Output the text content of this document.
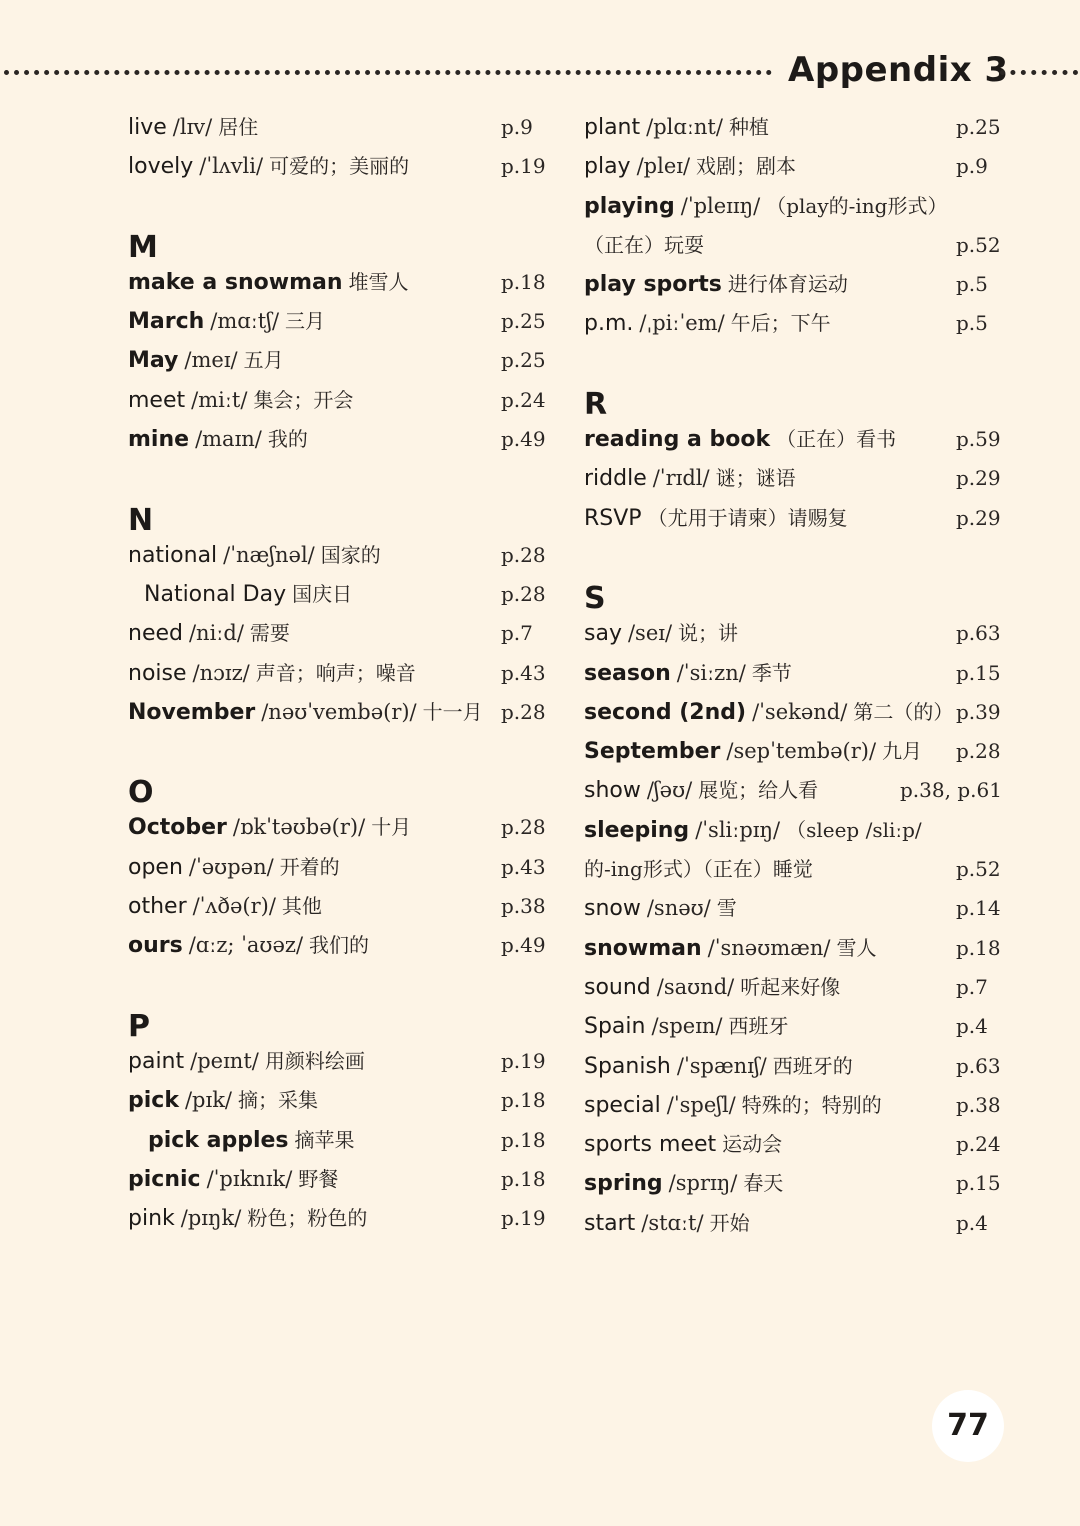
Appendix 3
live /lɪv/ 居住	p.9
lovely /ˈlʌvli/ 可爱的；美丽的	p.19
M
make a snowman 堆雪人	p.18
March /mɑːtʃ/ 三月	p.25
May /meɪ/ 五月	p.25
meet /miːt/ 集会；开会	p.24
mine /maɪn/ 我的	p.49
N
national /ˈnæʃnəl/ 国家的	p.28
National Day 国庆日	p.28
need /niːd/ 需要	p.7
noise /nɔɪz/ 声音；响声；噪音	p.43
November /nəʊˈvembə(r)/ 十一月 p.28
O
October /ɒkˈtəʊbə(r)/ 十月	p.28
open /ˈəʊpən/ 开着的	p.43
other /ˈʌðə(r)/ 其他	p.38
ours /ɑːz; ˈaʊəz/ 我们的	p.49
P
paint /peɪnt/ 用颜料绘画	p.19
pick /pɪk/ 摘；采集	p.18
pick apples 摘苹果	p.18
picnic /ˈpɪknɪk/ 野餐	p.18
pink /pɪŋk/ 粉色；粉色的	p.19
plant /plɑːnt/ 种植	p.25
play /pleɪ/ 戏剧；剧本	p.9
playing /ˈpleɪɪŋ/ （play的-ing形式）
（正在）玩耍	p.52
play sports 进行体育运动	p.5
p.m. /ˌpiːˈem/ 午后；下午	p.5
R
reading a book （正在）看书	p.59
riddle /ˈrɪdl/ 谜；谜语	p.29
RSVP （尤用于请柬）请赐复	p.29
S
say /seɪ/ 说；讲	p.63
season /ˈsiːzn/ 季节	p.15
second (2nd) /ˈsekənd/ 第二（的） p.39
September /sepˈtembə(r)/ 九月 p.28
show /ʃəʊ/ 展览；给人看	p.38, p.61
sleeping /ˈsliːpɪŋ/ （sleep /sliːp/
的-ing形式）（正在）睡觉	p.52
snow /snəʊ/ 雪	p.14
snowman /ˈsnəʊmæn/ 雪人	p.18
sound /saʊnd/ 听起来好像	p.7
Spain /speɪn/ 西班牙	p.4
Spanish /ˈspænɪʃ/ 西班牙的	p.63
special /ˈspeʃl/ 特殊的；特别的	p.38
sports meet 运动会	p.24
spring /sprɪŋ/ 春天	p.15
start /stɑːt/ 开始	p.4
77
